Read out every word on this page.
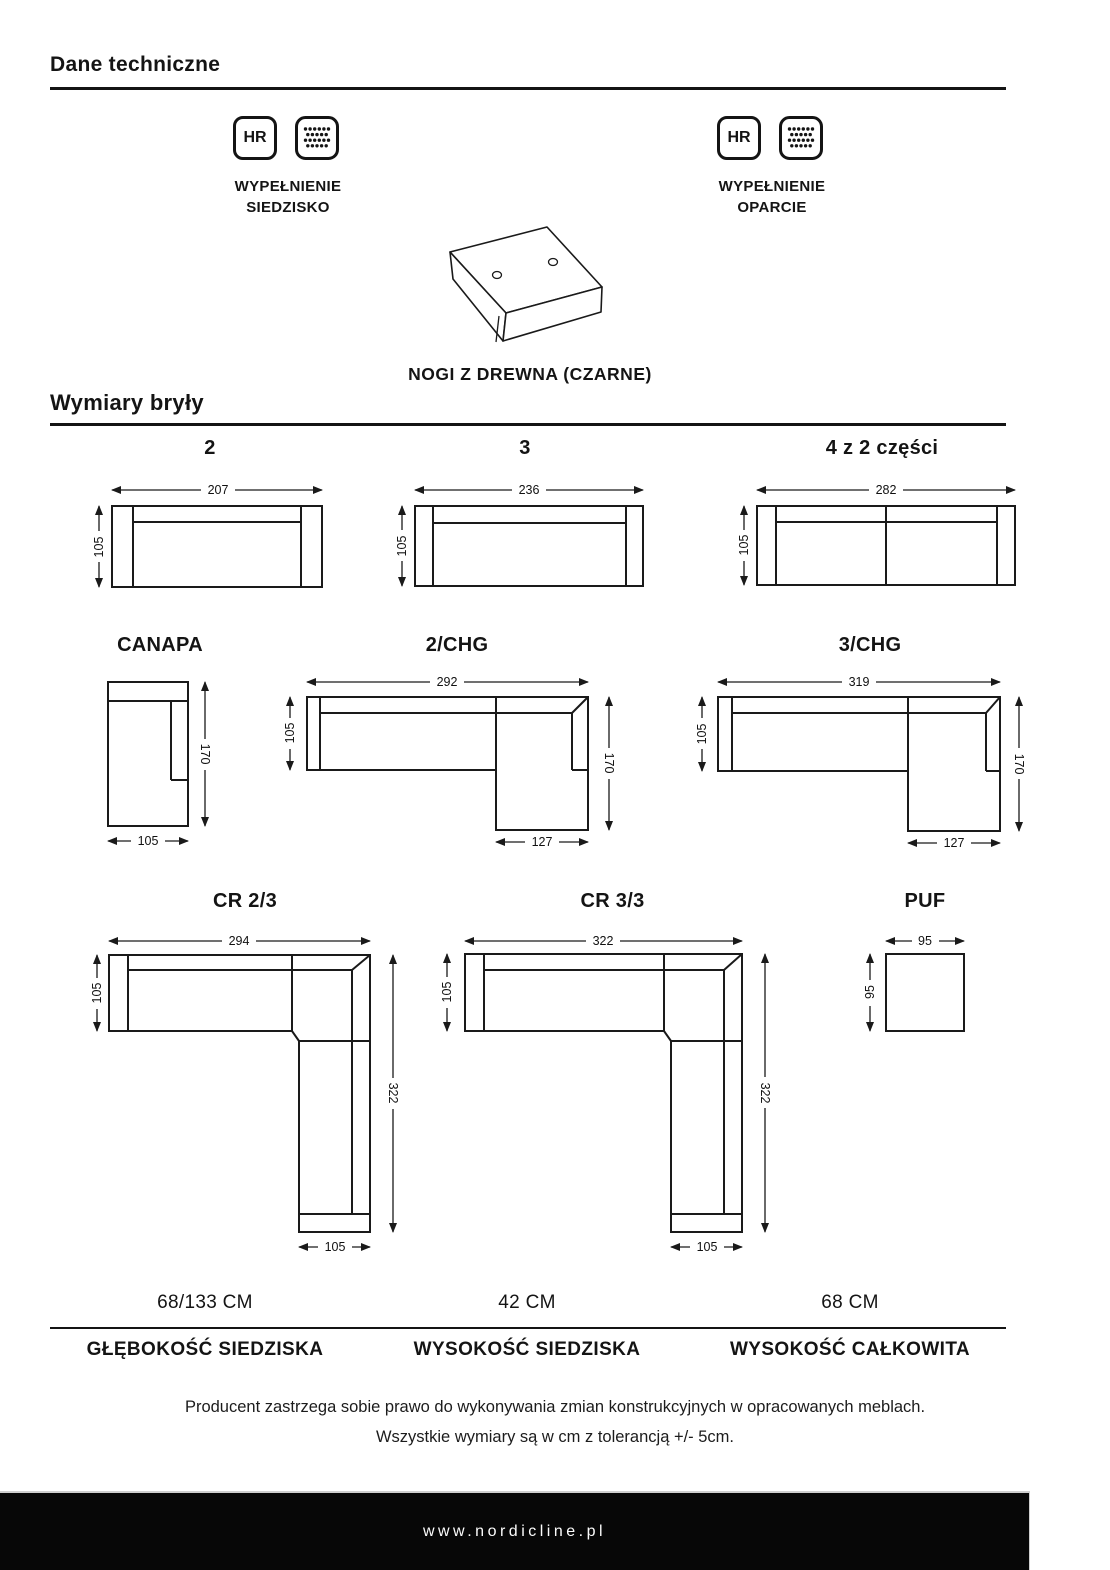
Dane techniczne
HR
WYPEŁNIENIE
SIEDZISKO
HR
WYPEŁNIENIE
OPARCIE
NOGI Z DREWNA (CZARNE)
Wymiary bryły
2	3	4 z 2 części
207
105
236
105
282
105
CANAPA	2/CHG	3/CHG
170
105
292
105
170
127
319
105
170
127
CR 2/3	CR 3/3	PUF
294
105
322
105
322
105
322
105
95
95
68/133 CM	42 CM	68 CM
GŁĘBOKOŚĆ SIEDZISKA	WYSOKOŚĆ SIEDZISKA	WYSOKOŚĆ CAŁKOWITA
Producent zastrzega sobie prawo do wykonywania zmian konstrukcyjnych w opracowanych meblach.
Wszystkie wymiary są w cm z tolerancją +/- 5cm.
www.nordicline.pl
